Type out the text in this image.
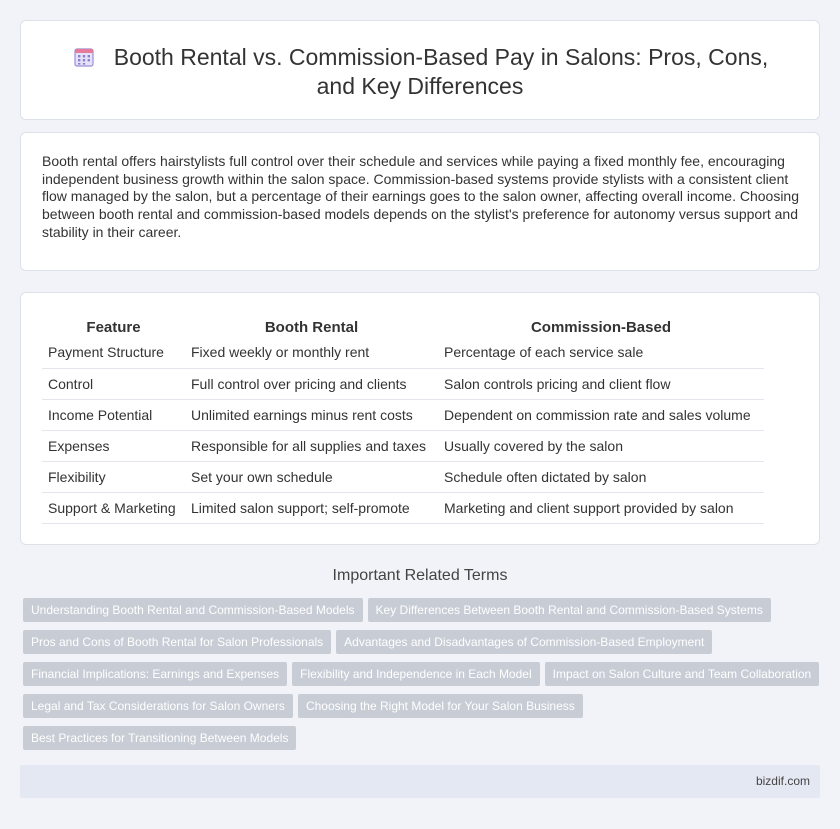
Booth Rental vs. Commission-Based Pay in Salons: Pros, Cons, and Key Differences

Booth rental offers hairstylists full control over their schedule and services while paying a fixed monthly fee, encouraging independent business growth within the salon space. Commission-based systems provide stylists with a consistent client flow managed by the salon, but a percentage of their earnings goes to the salon owner, affecting overall income. Choosing between booth rental and commission-based models depends on the stylist's preference for autonomy versus support and stability in their career.

Feature	Booth Rental	Commission-Based
Payment Structure	Fixed weekly or monthly rent	Percentage of each service sale
Control	Full control over pricing and clients	Salon controls pricing and client flow
Income Potential	Unlimited earnings minus rent costs	Dependent on commission rate and sales volume
Expenses	Responsible for all supplies and taxes	Usually covered by the salon
Flexibility	Set your own schedule	Schedule often dictated by salon
Support & Marketing	Limited salon support; self-promote	Marketing and client support provided by salon
Important Related Terms
Understanding Booth Rental and Commission-Based Models Key Differences Between Booth Rental and Commission-Based Systems
Pros and Cons of Booth Rental for Salon Professionals Advantages and Disadvantages of Commission-Based Employment
Financial Implications: Earnings and Expenses Flexibility and Independence in Each Model Impact on Salon Culture and Team Collaboration
Legal and Tax Considerations for Salon Owners Choosing the Right Model for Your Salon Business
Best Practices for Transitioning Between Models
bizdif.com
